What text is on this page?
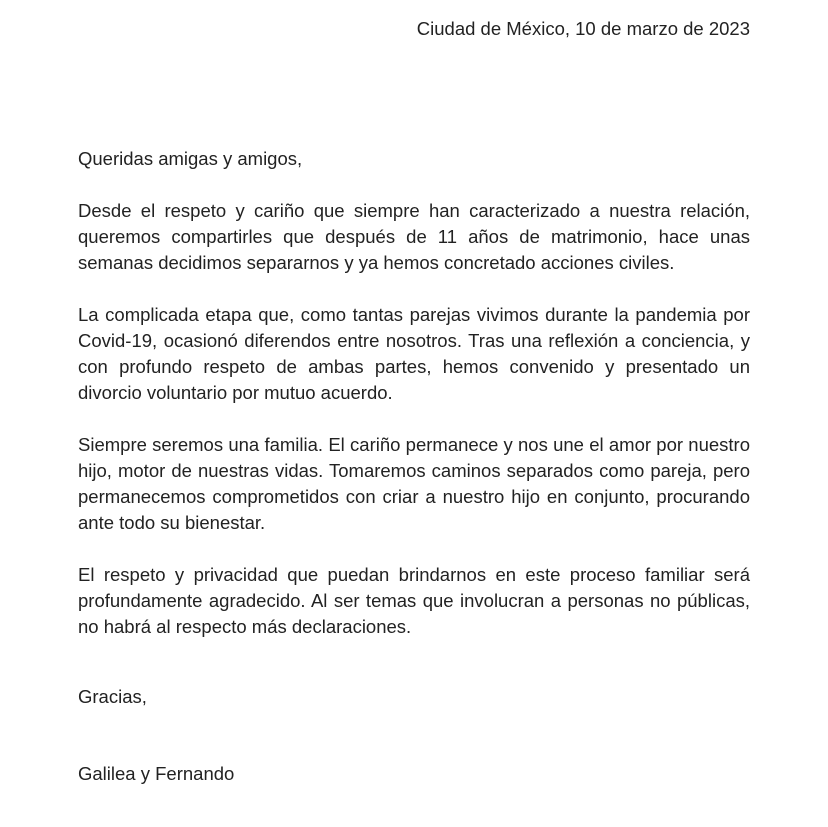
Ciudad de México, 10 de marzo de 2023
Queridas amigas y amigos,

Desde el respeto y cariño que siempre han caracterizado a nuestra relación, queremos compartirles que después de 11 años de matrimonio, hace unas semanas decidimos separarnos y ya hemos concretado acciones civiles.

La complicada etapa que, como tantas parejas vivimos durante la pandemia por Covid-19, ocasionó diferendos entre nosotros. Tras una reflexión a conciencia, y con profundo respeto de ambas partes, hemos convenido y presentado un divorcio voluntario por mutuo acuerdo.

Siempre seremos una familia. El cariño permanece y nos une el amor por nuestro hijo, motor de nuestras vidas. Tomaremos caminos separados como pareja, pero permanecemos comprometidos con criar a nuestro hijo en conjunto, procurando ante todo su bienestar.

El respeto y privacidad que puedan brindarnos en este proceso familiar será profundamente agradecido. Al ser temas que involucran a personas no públicas, no habrá al respecto más declaraciones.

Gracias,
Galilea y Fernando
